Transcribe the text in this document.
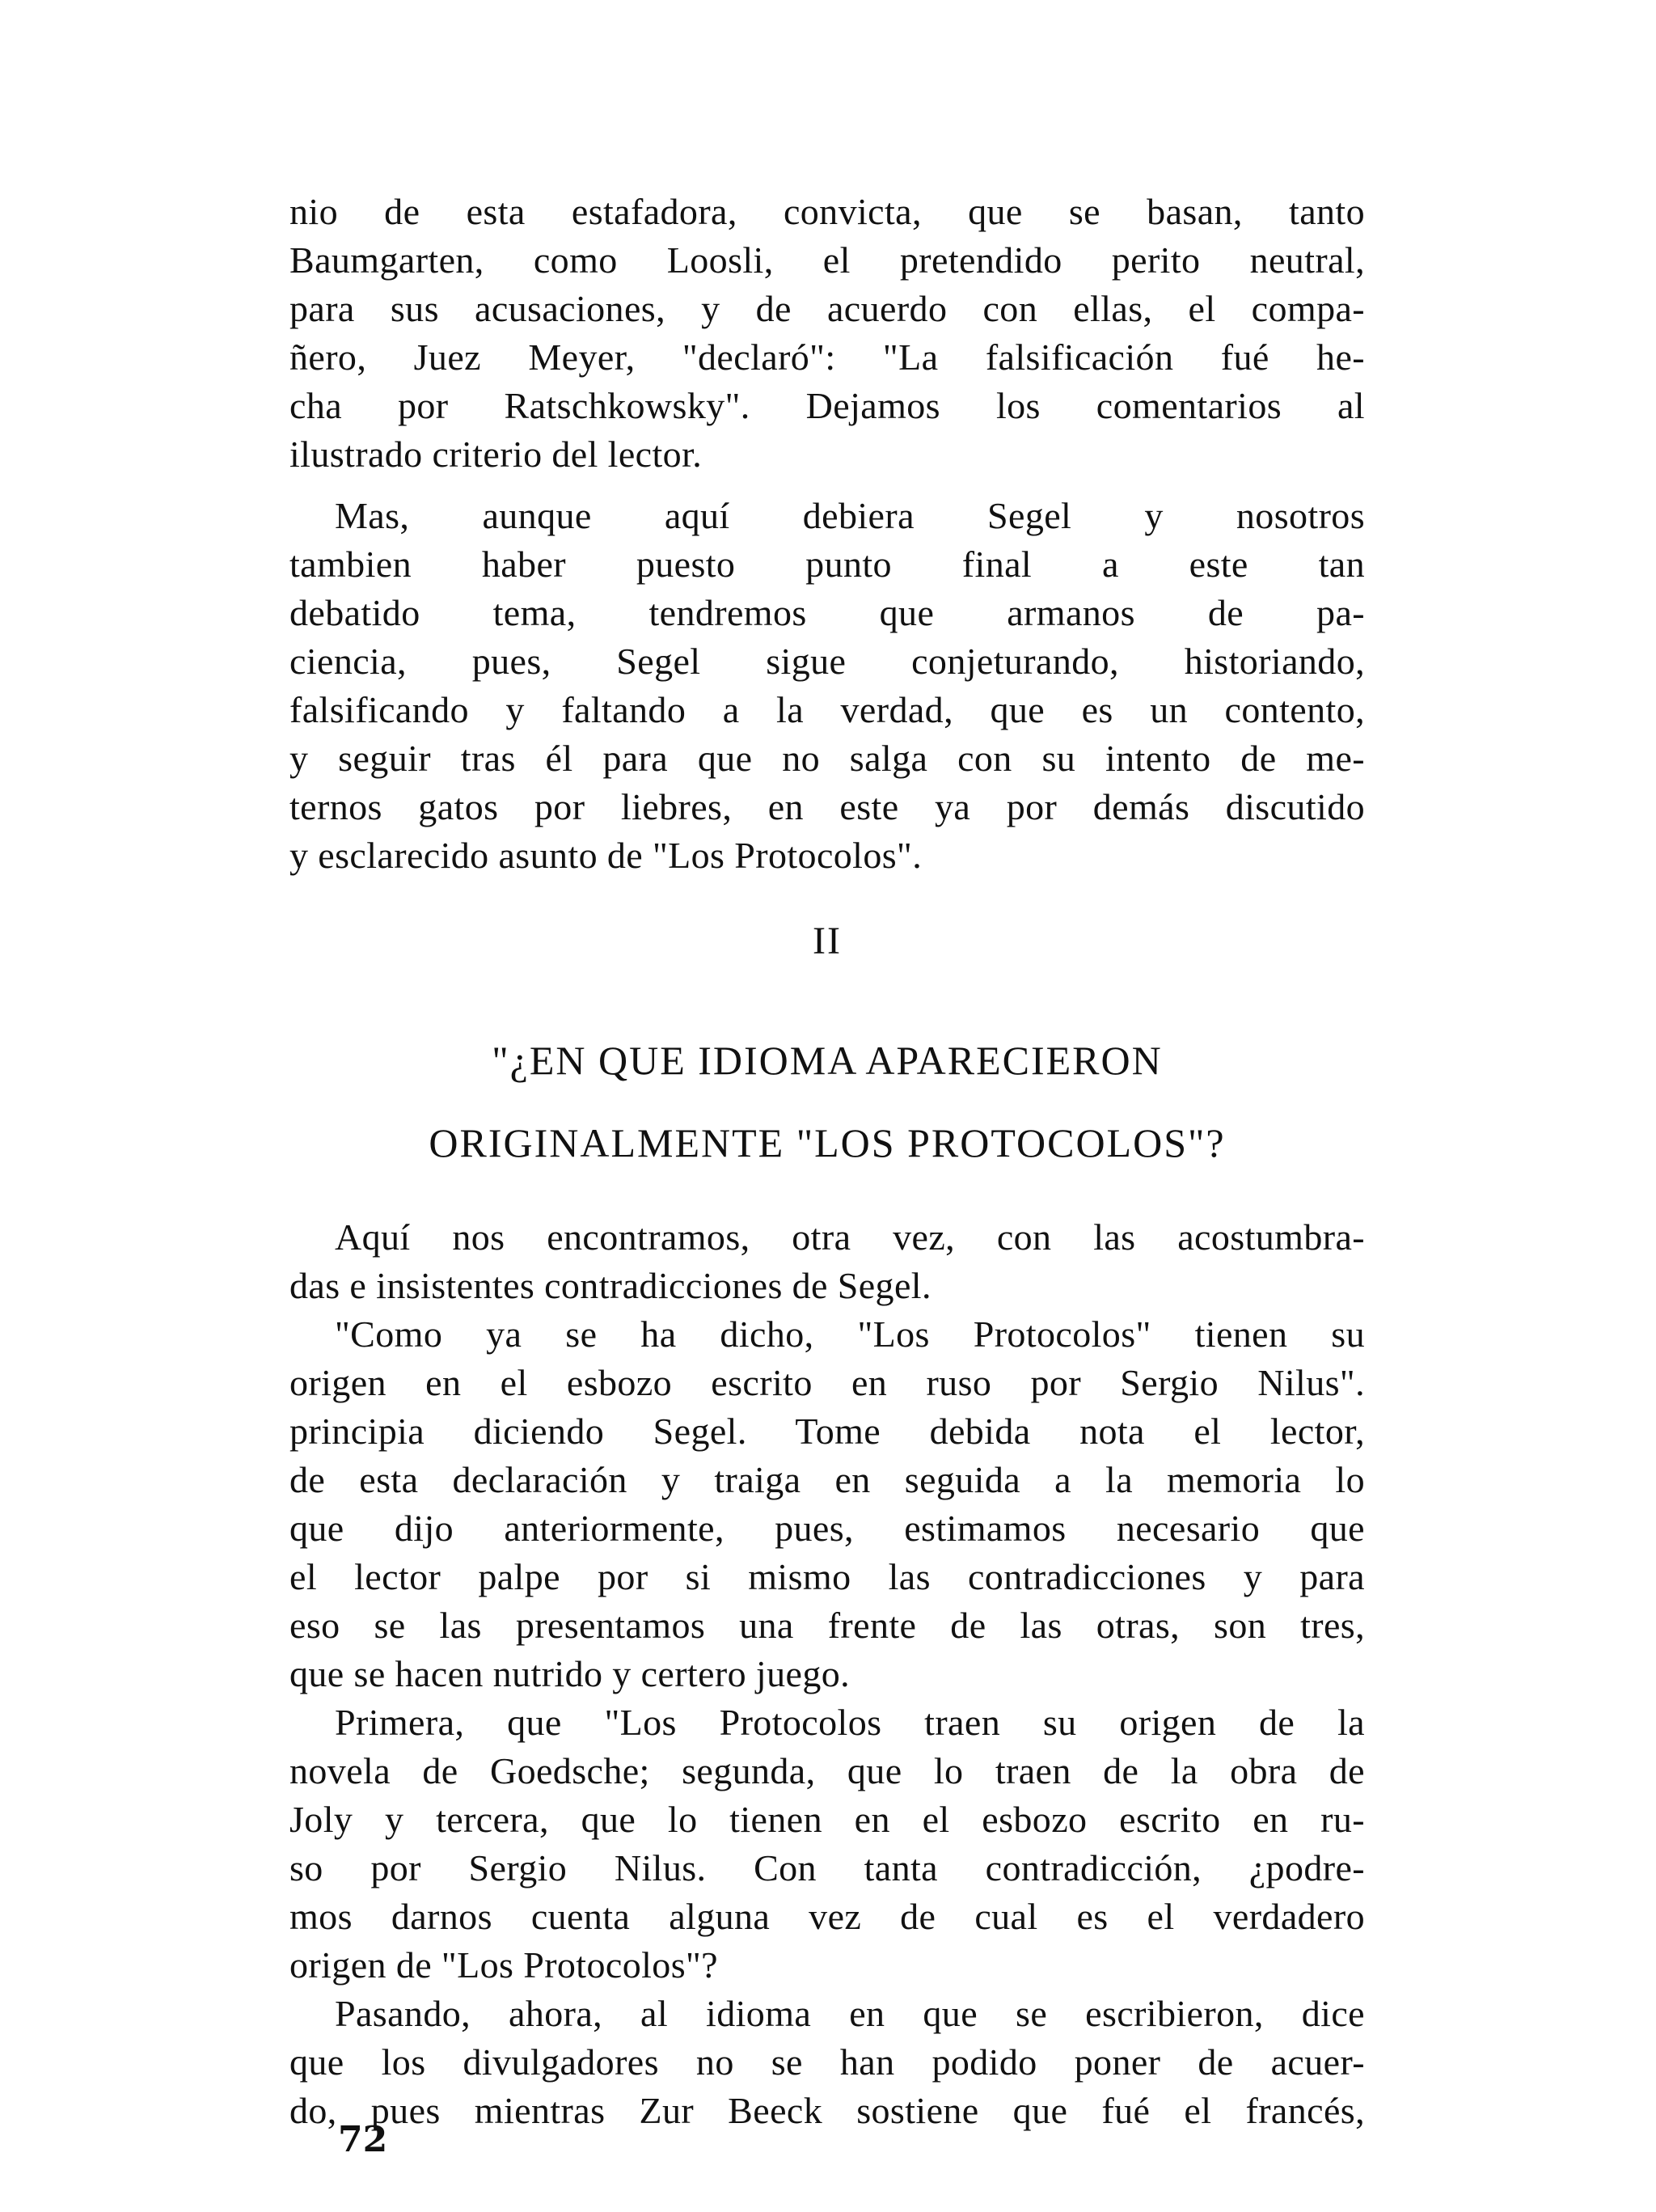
nio de esta estafadora, convicta, que se basan, tanto
Baumgarten, como Loosli, el pretendido perito neutral,
para sus acusaciones, y de acuerdo con ellas, el compa-
ñero, Juez Meyer, "declaró": "La falsificación fué he-
cha por Ratschkowsky". Dejamos los comentarios al
ilustrado criterio del lector.
Mas, aunque aquí debiera Segel y nosotros
tambien haber puesto punto final a este tan
debatido tema, tendremos que armanos de pa-
ciencia, pues, Segel sigue conjeturando, historiando,
falsificando y faltando a la verdad, que es un contento,
y seguir tras él para que no salga con su intento de me-
ternos gatos por liebres, en este ya por demás discutido
y esclarecido asunto de "Los Protocolos".
II
"¿EN QUE IDIOMA APARECIERON
ORIGINALMENTE "LOS PROTOCOLOS"?
Aquí nos encontramos, otra vez, con las acostumbra-
das e insistentes contradicciones de Segel.
"Como ya se ha dicho, "Los Protocolos" tienen su
origen en el esbozo escrito en ruso por Sergio Nilus".
principia diciendo Segel. Tome debida nota el lector,
de esta declaración y traiga en seguida a la memoria lo
que dijo anteriormente, pues, estimamos necesario que
el lector palpe por si mismo las contradicciones y para
eso se las presentamos una frente de las otras, son tres,
que se hacen nutrido y certero juego.
Primera, que "Los Protocolos traen su origen de la
novela de Goedsche; segunda, que lo traen de la obra de
Joly y tercera, que lo tienen en el esbozo escrito en ru-
so por Sergio Nilus. Con tanta contradicción, ¿podre-
mos darnos cuenta alguna vez de cual es el verdadero
origen de "Los Protocolos"?
Pasando, ahora, al idioma en que se escribieron, dice
que los divulgadores no se han podido poner de acuer-
do, pues mientras Zur Beeck sostiene que fué el francés,
72
